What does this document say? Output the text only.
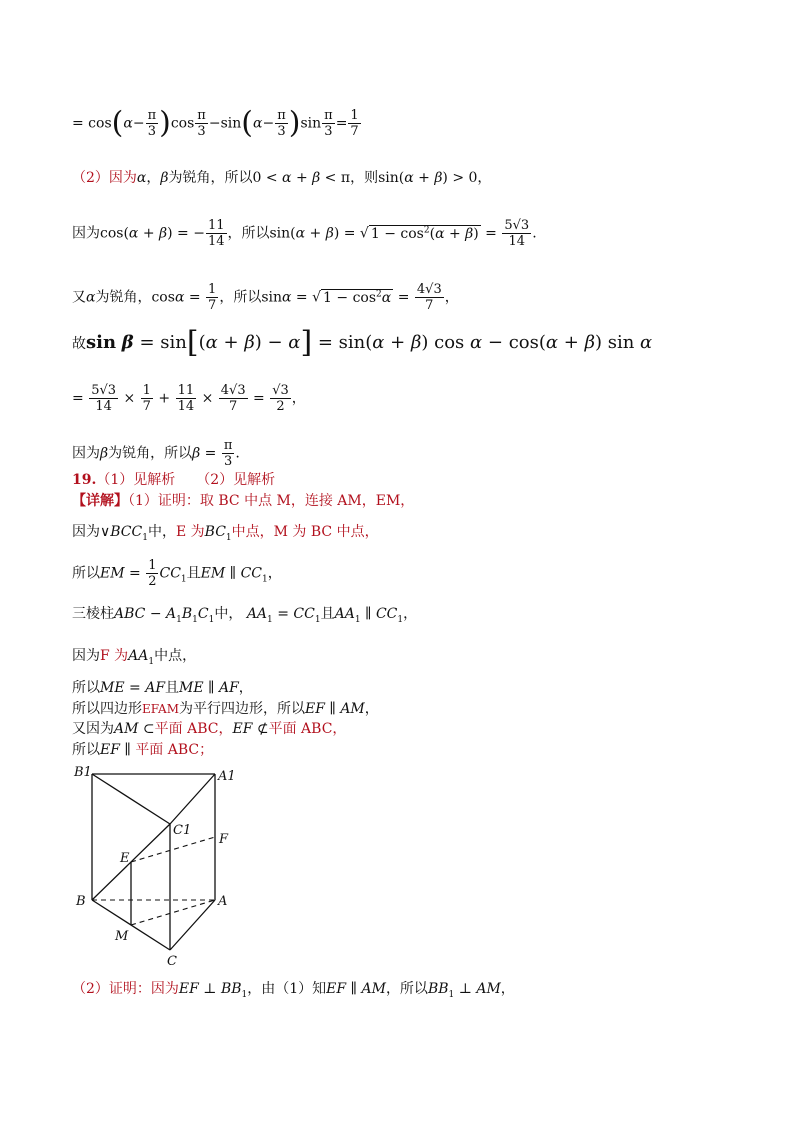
= $\cos(\alpha- \frac{\pi}{3} )\cos \frac{\pi}{3} -\sin(\alpha- \frac{\pi}{3} )\sin \frac{\pi}{3} = \frac{1}{7}$
（2）因为α，β为锐角，所以0 < α + β < π，则sin(α + β) > 0，
因为cos(α + β) = − $\frac{11}{14}$ ，所以sin(α + β) = √ $1 - \cos^2(\alpha + \beta) = \frac{5√3}{14}$ .
又α为锐角，$\cos\alpha = \frac{1}{7}$ ，所以sinα = √ $1 - \cos^2\alpha = \frac{4√3}{7}$ ，
故sin β = sin[(α + β) − α] = sin(α + β) cos α − cos(α + β) sin α
= $\frac{5√3}{14} \times \frac{1}{7} + \frac{11}{14} \times \frac{4√3}{7} = \frac{√3}{2}$ ，
因为β为锐角，所以$\beta = \frac{\pi}{3}$ .
19.（1）见解析　　（2）见解析
【详解】（1）证明：取 BC 中点 M，连接 AM，EM，
因为$\vee BCC_1$中，E 为$BC_1$中点，M 为 BC 中点，
所以EM = $\frac{1}{2} CC_1$且EM ∥ $CC_1$，
三棱柱ABC − $A_1B_1C_1$中， $AA_1 = CC_1$且$AA_1$ ∥ $CC_1$，
因为F 为$AA_1$中点，
所以ME = AF且ME ∥ AF，
所以四边形EFAM为平行四边形，所以EF ∥ AM，
又因为AM ⊂平面 ABC，EF ⊄平面 ABC，
所以EF ∥ 平面 ABC；
B1	A1
C1
F
E
B	A
M
C
（2）证明：因为EF ⊥ $BB_1$，由（1）知EF ∥ AM，所以$BB_1$ ⊥ AM，
